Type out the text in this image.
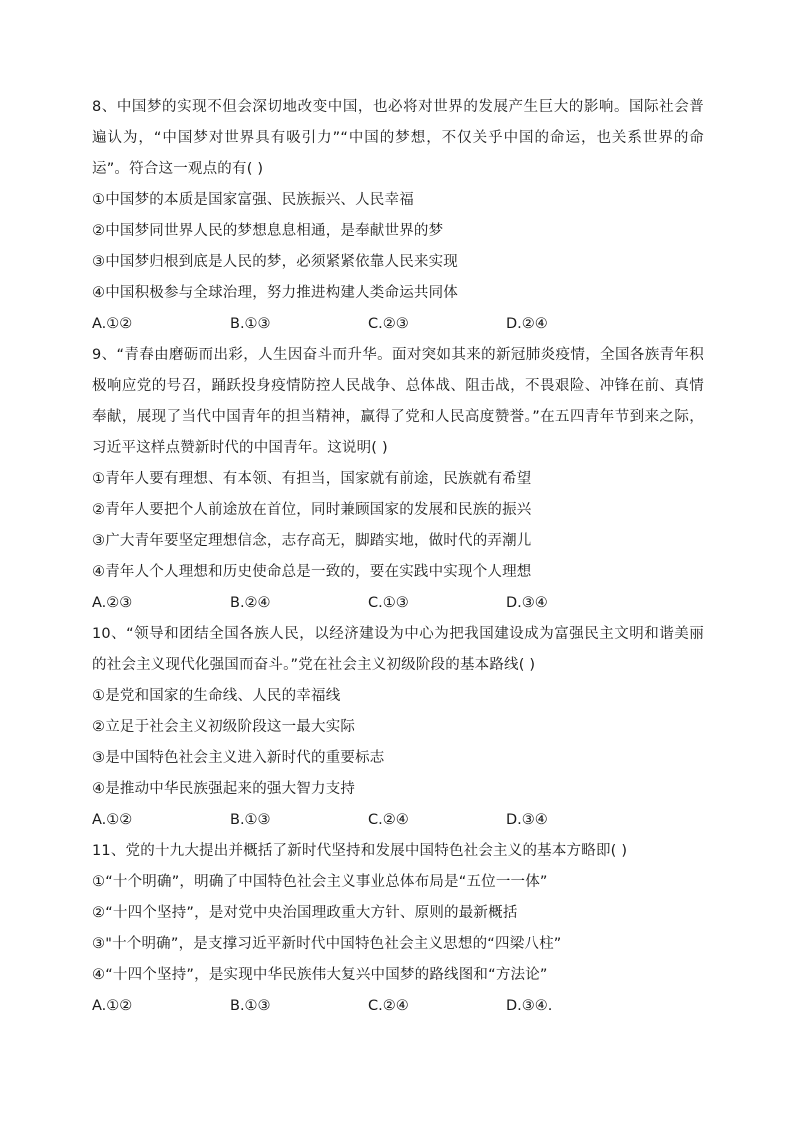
8、中国梦的实现不但会深切地改变中国，也必将对世界的发展产生巨大的影响。国际社会普遍认为，“中国梦对世界具有吸引力”“中国的梦想，不仅关乎中国的命运，也关系世界的命运”。符合这一观点的有( )

①中国梦的本质是国家富强、民族振兴、人民幸福

②中国梦同世界人民的梦想息息相通，是奉献世界的梦

③中国梦归根到底是人民的梦，必须紧紧依靠人民来实现

④中国积极参与全球治理，努力推进构建人类命运共同体

A.①②	B.①③	C.②③	D.②④

9、“青春由磨砺而出彩，人生因奋斗而升华。面对突如其来的新冠肺炎疫情，全国各族青年积极响应党的号召，踊跃投身疫情防控人民战争、总体战、阻击战，不畏艰险、冲锋在前、真情奉献，展现了当代中国青年的担当精神，赢得了党和人民高度赞誉。”在五四青年节到来之际，习近平这样点赞新时代的中国青年。这说明( )

①青年人要有理想、有本领、有担当，国家就有前途，民族就有希望

②青年人要把个人前途放在首位，同时兼顾国家的发展和民族的振兴

③广大青年要坚定理想信念，志存高无，脚踏实地，做时代的弄潮儿

④青年人个人理想和历史使命总是一致的，要在实践中实现个人理想

A.②③	B.②④	C.①③	D.③④

10、“领导和团结全国各族人民，以经济建设为中心为把我国建设成为富强民主文明和谐美丽的社会主义现代化强国而奋斗。”党在社会主义初级阶段的基本路线( )

①是党和国家的生命线、人民的幸福线

②立足于社会主义初级阶段这一最大实际

③是中国特色社会主义进入新时代的重要标志

④是推动中华民族强起来的强大智力支持

A.①②	B.①③	C.②④	D.③④

11、党的十九大提出并概括了新时代坚持和发展中国特色社会主义的基本方略即( )

①“十个明确”，明确了中国特色社会主义事业总体布局是“五位一一体”

②“十四个坚持”，是对党中央治国理政重大方针、原则的最新概括

③"十个明确”，是支撑习近平新时代中国特色社会主义思想的“四梁八柱”

④“十四个坚持”，是实现中华民族伟大复兴中国梦的路线图和“方法论”

A.①②	B.①③	C.②④	D.③④.
